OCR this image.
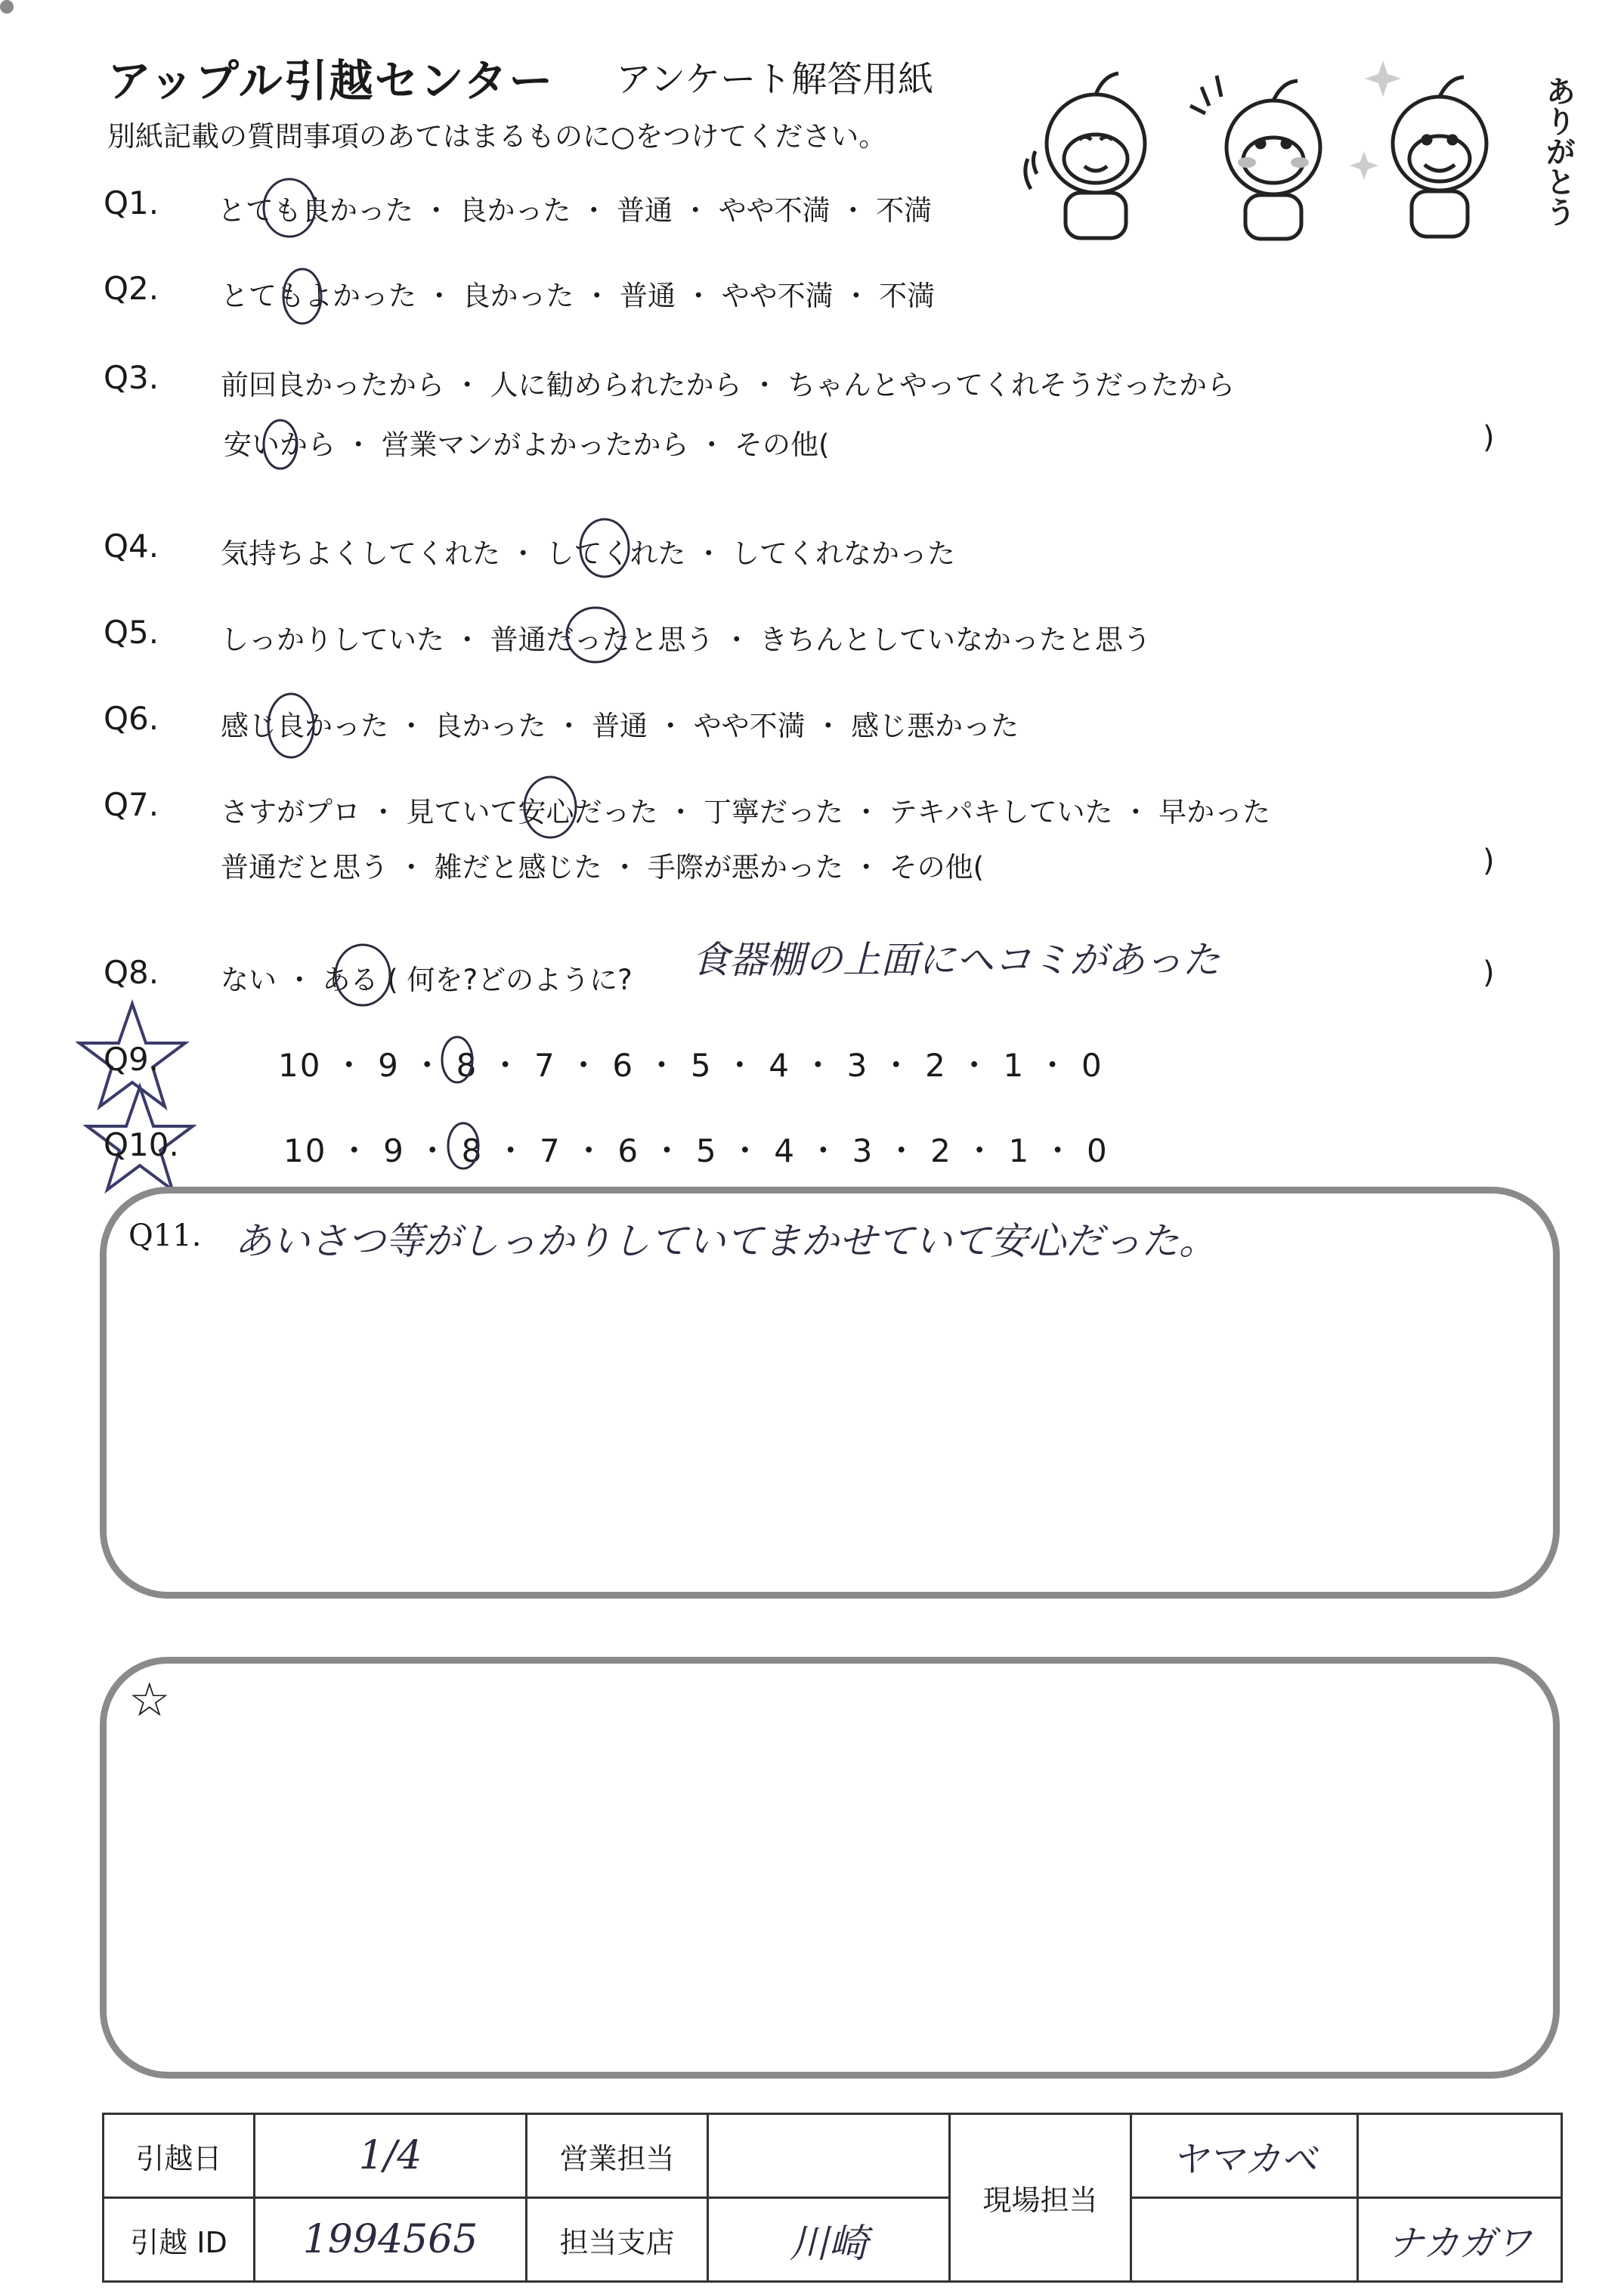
アップル引越センター アンケート解答用紙
別紙記載の質問事項のあてはまるものに○をつけてください。	ありがとう
Q1. とても良かった ・ 良かった ・ 普通 ・ やや不満 ・ 不満
Q2. とてもよかった ・ 良かった ・ 普通 ・ やや不満 ・ 不満
Q3. 前回良かったから ・ 人に勧められたから ・ ちゃんとやってくれそうだったから
安いから ・ 営業マンがよかったから ・ その他(	)
Q4. 気持ちよくしてくれた ・ してくれた ・ してくれなかった
Q5. しっかりしていた ・ 普通だったと思う ・ きちんとしていなかったと思う
Q6. 感じ良かった ・ 良かった ・ 普通 ・ やや不満 ・ 感じ悪かった
Q7. さすがプロ ・ 見ていて安心だった ・ 丁寧だった ・ テキパキしていた ・ 早かった
普通だと思う ・ 雑だと感じた ・ 手際が悪かった ・ その他(	)
Q8. ない ・ ある ( 何を?どのように? 食器棚の上面にヘコミがあった	)
Q9.	10 ・ 9 ・ 8 ・ 7 ・ 6 ・ 5 ・ 4 ・ 3 ・ 2 ・ 1 ・ 0
Q10.	10 ・ 9 ・ 8 ・ 7 ・ 6 ・ 5 ・ 4 ・ 3 ・ 2 ・ 1 ・ 0
Q11. あいさつ等がしっかりしていてまかせていて安心だった。
☆
引越日	1/4	営業担当		現場担当	ヤマカベ	
引越 ID	1994565	担当支店	川崎			ナカガワ
